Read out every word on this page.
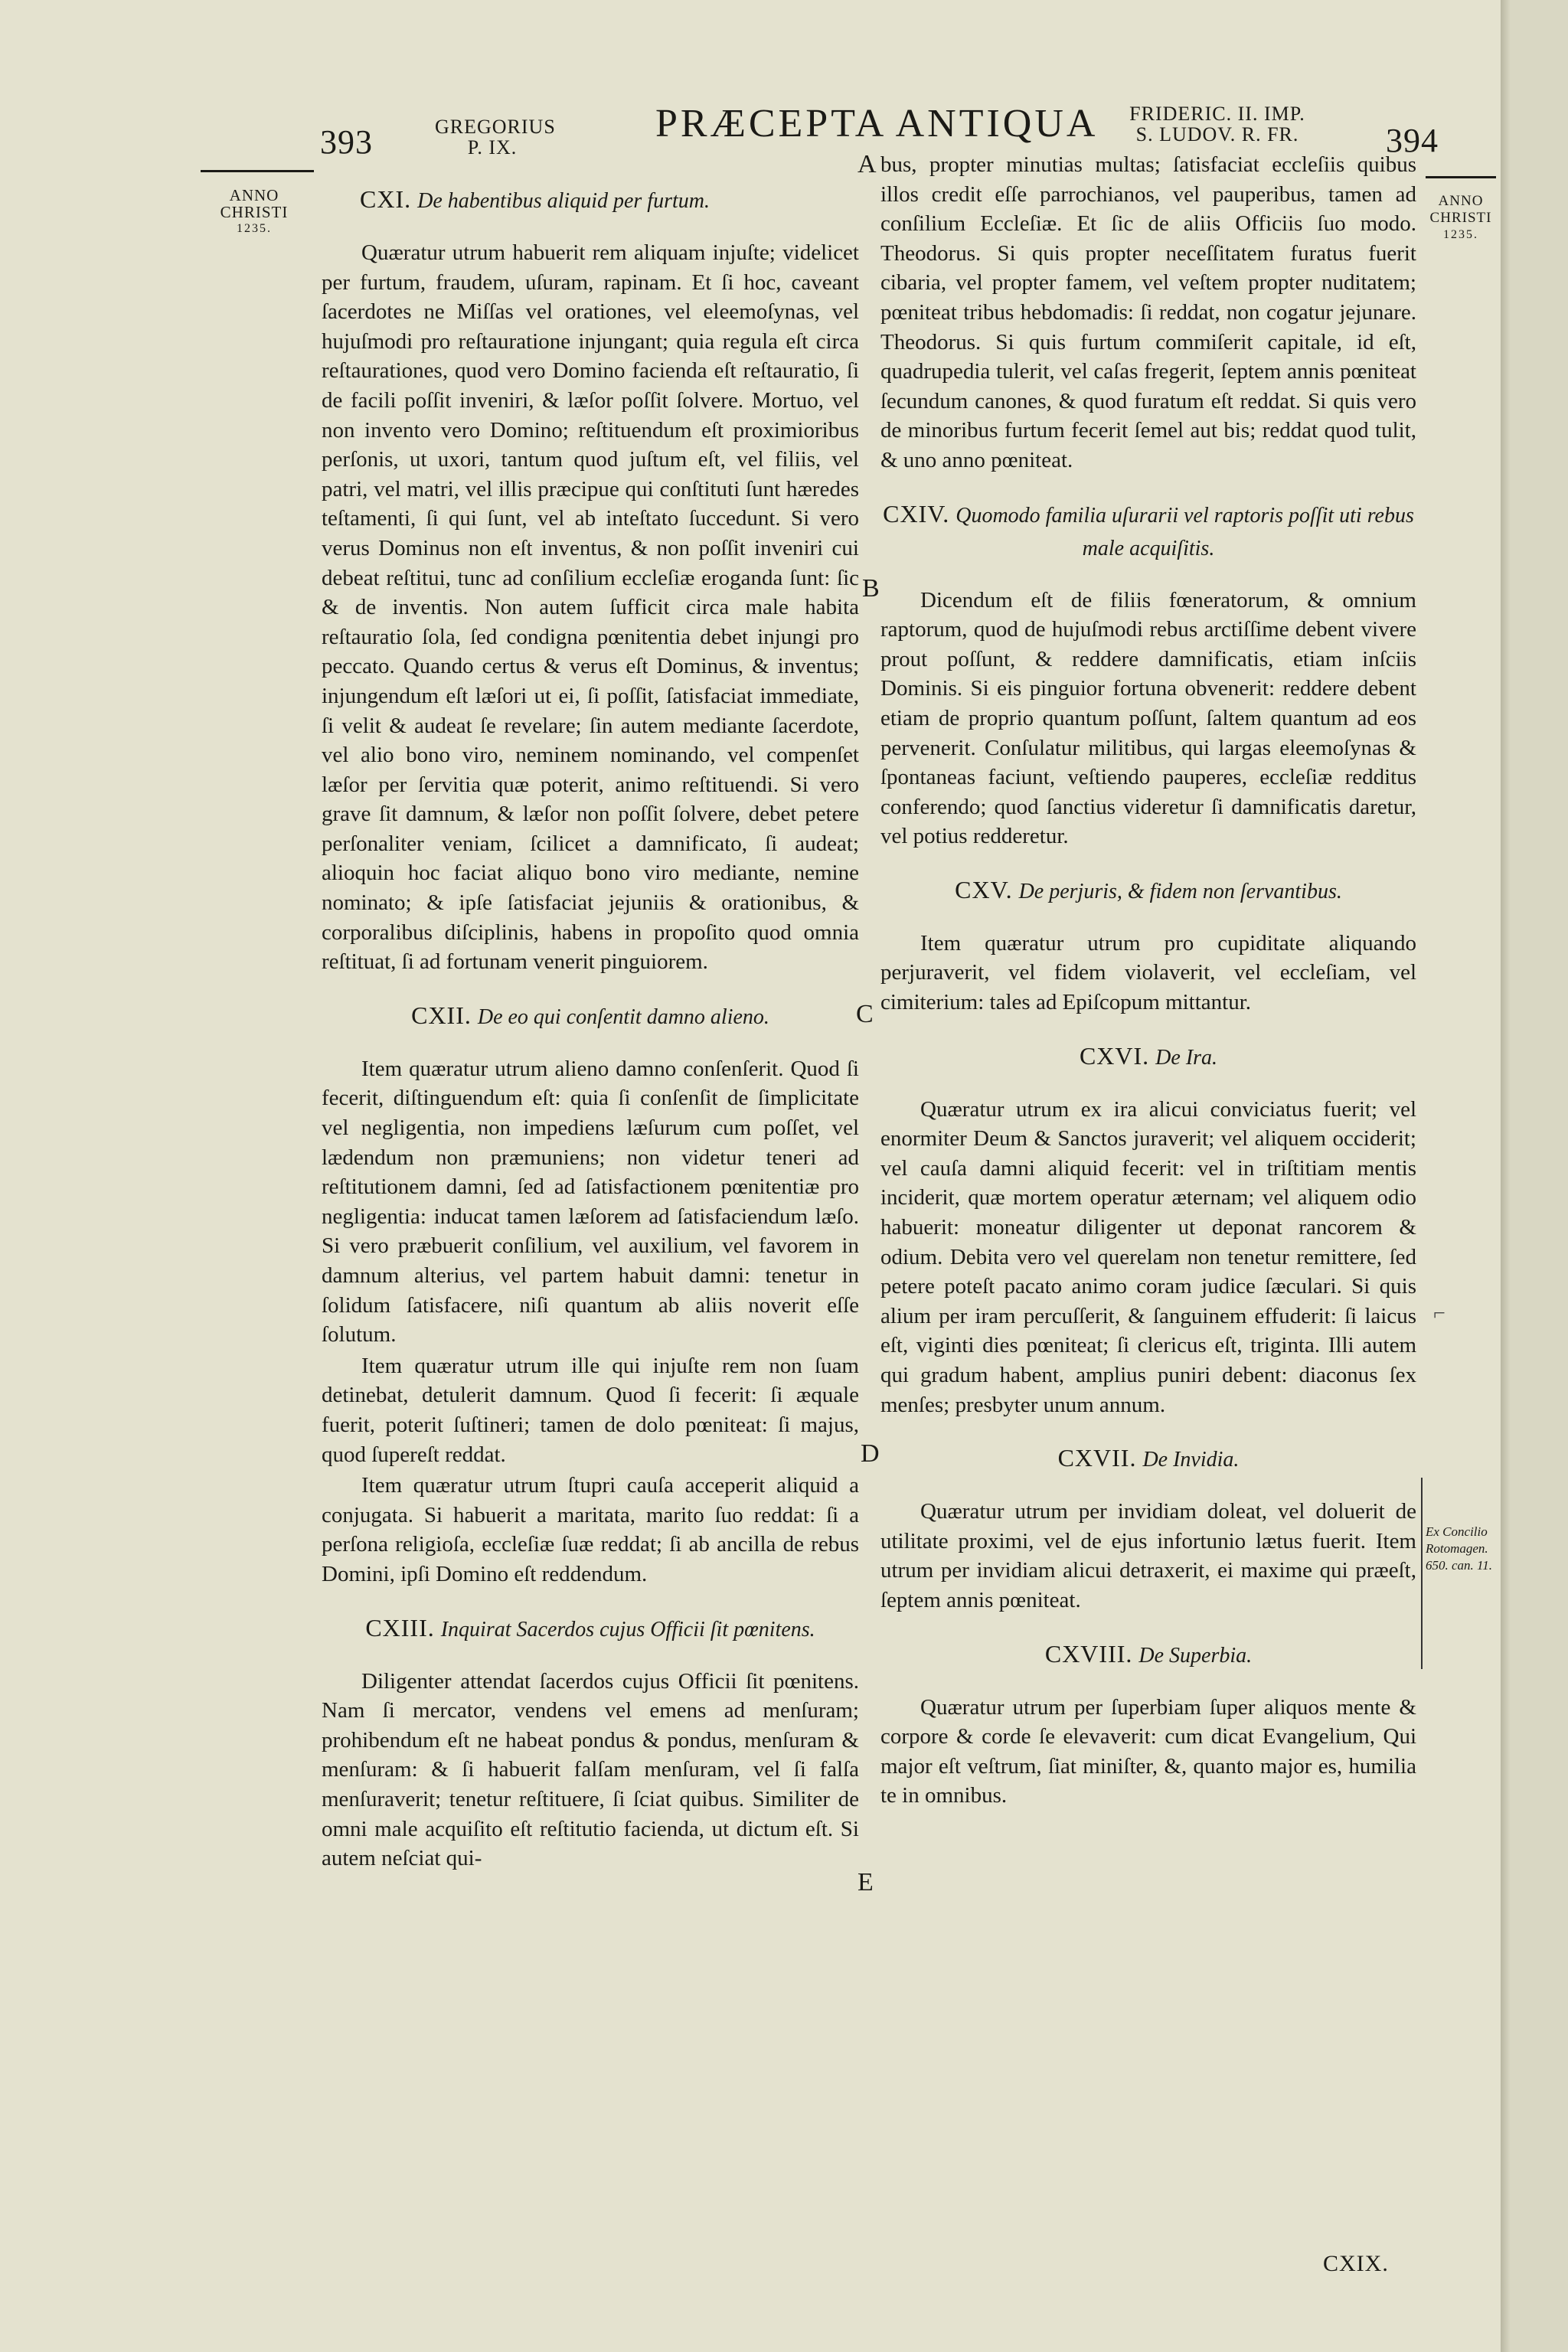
393	GREGORIUS
P. IX.
PRÆCEPTA ANTIQUA	FRIDERIC. II. IMP.
S. LUDOV. R. FR.	394
ANNO
CHRISTI
1235.
ANNO
CHRISTI
1235.
CXI. De habentibus aliquid per furtum.

Quæratur utrum habuerit rem aliquam injuſte; videlicet per furtum, fraudem, uſuram, rapinam. Et ſi hoc, caveant ſacerdotes ne Miſſas vel orationes, vel eleemoſynas, vel hujuſmodi pro reſtauratione injungant; quia regula eſt circa reſtaurationes, quod vero Domino facienda eſt reſtauratio, ſi de facili poſſit inveniri, & læſor poſſit ſolvere. Mortuo, vel non invento vero Domino; reſtituendum eſt proximioribus perſonis, ut uxori, tantum quod juſtum eſt, vel filiis, vel patri, vel matri, vel illis præcipue qui conſtituti ſunt hæredes teſtamenti, ſi qui ſunt, vel ab inteſtato ſuccedunt. Si vero verus Dominus non eſt inventus, & non poſſit inveniri cui debeat reſtitui, tunc ad conſilium eccleſiæ eroganda ſunt: ſic & de inventis. Non autem ſufficit circa male habita reſtauratio ſola, ſed condigna pœnitentia debet injungi pro peccato. Quando certus & verus eſt Dominus, & inventus; injungendum eſt læſori ut ei, ſi poſſit, ſatisfaciat immediate, ſi velit & audeat ſe revelare; ſin autem mediante ſacerdote, vel alio bono viro, neminem nominando, vel compenſet læſor per ſervitia quæ poterit, animo reſtituendi. Si vero grave ſit damnum, & læſor non poſſit ſolvere, debet petere perſonaliter veniam, ſcilicet a damnificato, ſi audeat; alioquin hoc faciat aliquo bono viro mediante, nemine nominato; & ipſe ſatisfaciat jejuniis & orationibus, & corporalibus diſciplinis, habens in propoſito quod omnia reſtituat, ſi ad fortunam venerit pinguiorem.

CXII. De eo qui conſentit damno alieno.

Item quæratur utrum alieno damno conſenſerit. Quod ſi fecerit, diſtinguendum eſt: quia ſi conſenſit de ſimplicitate vel negligentia, non impediens læſurum cum poſſet, vel lædendum non præmuniens; non videtur teneri ad reſtitutionem damni, ſed ad ſatisfactionem pœnitentiæ pro negligentia: inducat tamen læſorem ad ſatisfaciendum læſo. Si vero præbuerit conſilium, vel auxilium, vel favorem in damnum alterius, vel partem habuit damni: tenetur in ſolidum ſatisfacere, niſi quantum ab aliis noverit eſſe ſolutum.

Item quæratur utrum ille qui injuſte rem non ſuam detinebat, detulerit damnum. Quod ſi fecerit: ſi æquale fuerit, poterit ſuſtineri; tamen de dolo pœniteat: ſi majus, quod ſupereſt reddat.

Item quæratur utrum ſtupri cauſa acceperit aliquid a conjugata. Si habuerit a maritata, marito ſuo reddat: ſi a perſona religioſa, eccleſiæ ſuæ reddat; ſi ab ancilla de rebus Domini, ipſi Domino eſt reddendum.

CXIII. Inquirat Sacerdos cujus Officii ſit pœnitens.

Diligenter attendat ſacerdos cujus Officii ſit pœnitens. Nam ſi mercator, vendens vel emens ad menſuram; prohibendum eſt ne habeat pondus & pondus, menſuram & menſuram: & ſi habuerit falſam menſuram, vel ſi falſa menſuraverit; tenetur reſtituere, ſi ſciat quibus. Similiter de omni male acquiſito eſt reſtitutio facienda, ut dictum eſt. Si autem neſciat qui-

A
B
C
D
E

bus, propter minutias multas; ſatisfaciat eccleſiis quibus illos credit eſſe parrochianos, vel pauperibus, tamen ad conſilium Eccleſiæ. Et ſic de aliis Officiis ſuo modo. Theodorus. Si quis propter neceſſitatem furatus fuerit cibaria, vel propter famem, vel veſtem propter nuditatem; pœniteat tribus hebdomadis: ſi reddat, non cogatur jejunare. Theodorus. Si quis furtum commiſerit capitale, id eſt, quadrupedia tulerit, vel caſas fregerit, ſeptem annis pœniteat ſecundum canones, & quod furatum eſt reddat. Si quis vero de minoribus furtum fecerit ſemel aut bis; reddat quod tulit, & uno anno pœniteat.

CXIV. Quomodo familia uſurarii vel raptoris poſſit uti rebus male acquiſitis.

Dicendum eſt de filiis fœneratorum, & omnium raptorum, quod de hujuſmodi rebus arctiſſime debent vivere prout poſſunt, & reddere damnificatis, etiam inſciis Dominis. Si eis pinguior fortuna obvenerit: reddere debent etiam de proprio quantum poſſunt, ſaltem quantum ad eos pervenerit. Conſulatur militibus, qui largas eleemoſynas & ſpontaneas faciunt, veſtiendo pauperes, eccleſiæ redditus conferendo; quod ſanctius videretur ſi damnificatis daretur, vel potius redderetur.

CXV. De perjuris, & fidem non ſervantibus.

Item quæratur utrum pro cupiditate aliquando perjuraverit, vel fidem violaverit, vel eccleſiam, vel cimiterium: tales ad Epiſcopum mittantur.

CXVI. De Ira.

Quæratur utrum ex ira alicui conviciatus fuerit; vel enormiter Deum & Sanctos juraverit; vel aliquem occiderit; vel cauſa damni aliquid fecerit: vel in triſtitiam mentis inciderit, quæ mortem operatur æternam; vel aliquem odio habuerit: moneatur diligenter ut deponat rancorem & odium. Debita vero vel querelam non tenetur remittere, ſed petere poteſt pacato animo coram judice ſæculari. Si quis alium per iram percuſſerit, & ſanguinem effuderit: ſi laicus eſt, viginti dies pœniteat; ſi clericus eſt, triginta. Illi autem qui gradum habent, amplius puniri debent: diaconus ſex menſes; presbyter unum annum.

CXVII. De Invidia.

Quæratur utrum per invidiam doleat, vel doluerit de utilitate proximi, vel de ejus infortunio lætus fuerit. Item utrum per invidiam alicui detraxerit, ei maxime qui præeſt, ſeptem annis pœniteat.

CXVIII. De Superbia.

Quæratur utrum per ſuperbiam ſuper aliquos mente & corpore & corde ſe elevaverit: cum dicat Evangelium, Qui major eſt veſtrum, ſiat miniſter, &, quanto major es, humilia te in omnibus.

Ex Concilio
Rotomagen.
650. can. 11.
⌐
CXIX.
